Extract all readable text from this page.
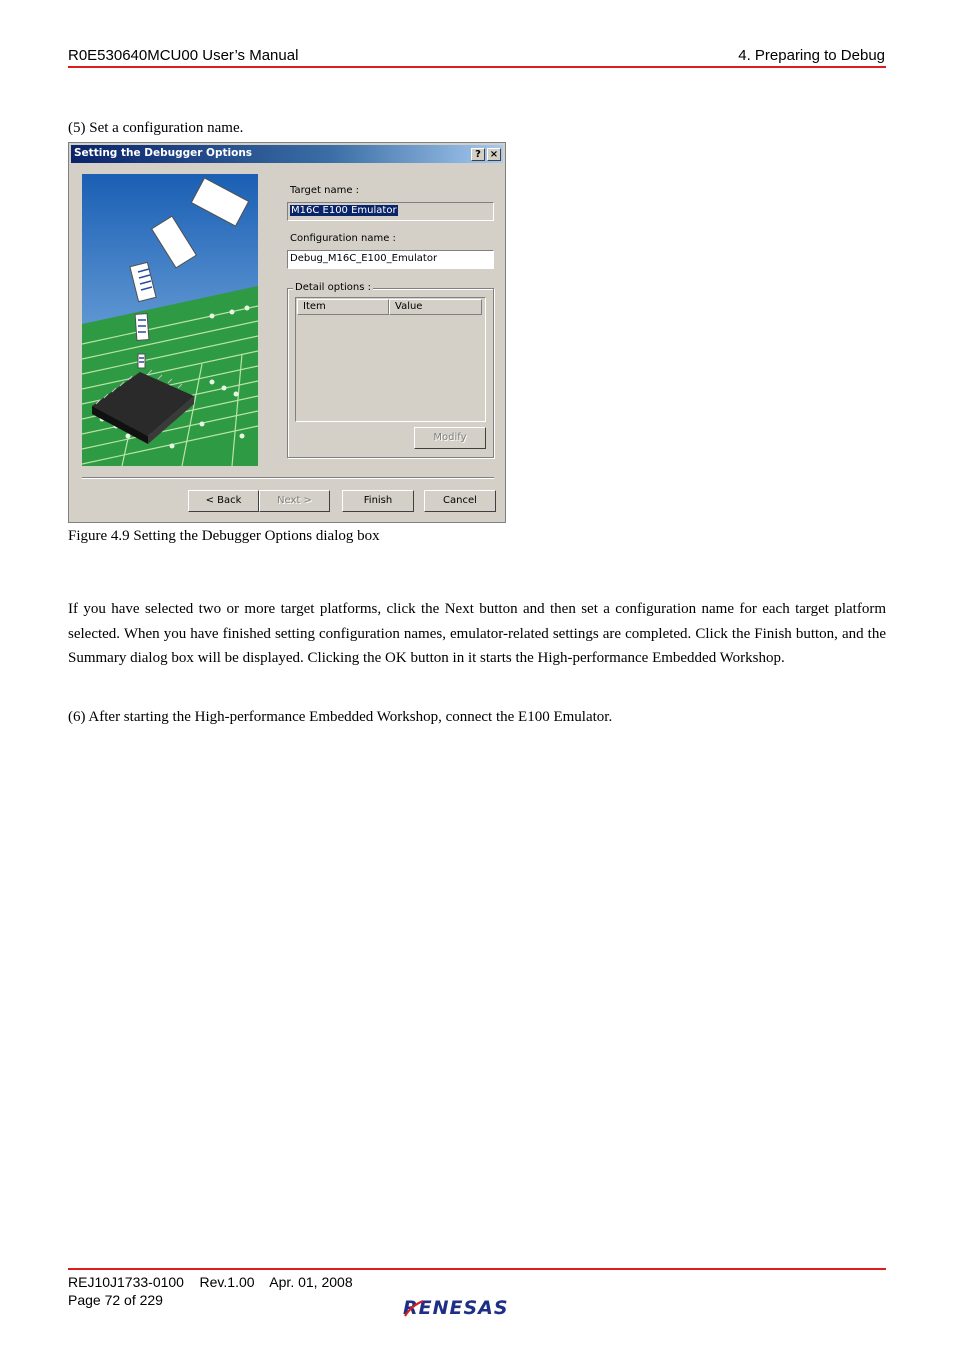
R0E530640MCU00 User’s Manual	4. Preparing to Debug
(5) Set a configuration name.
Setting the Debugger Options	? ×
Target name :
M16C E100 Emulator
Configuration name :
Debug_M16C_E100_Emulator
Detail options :
Item	Value
Modify
< Back	Next >	Finish	Cancel
Figure 4.9 Setting the Debugger Options dialog box
If you have selected two or more target platforms, click the Next button and then set a configuration name for each target platform selected. When you have finished setting configuration names, emulator-related settings are completed. Click the Finish button, and the Summary dialog box will be displayed. Clicking the OK button in it starts the High-performance Embedded Workshop.
(6) After starting the High-performance Embedded Workshop, connect the E100 Emulator.
REJ10J1733-0100    Rev.1.00    Apr. 01, 2008
Page 72 of 229	RENESAS
